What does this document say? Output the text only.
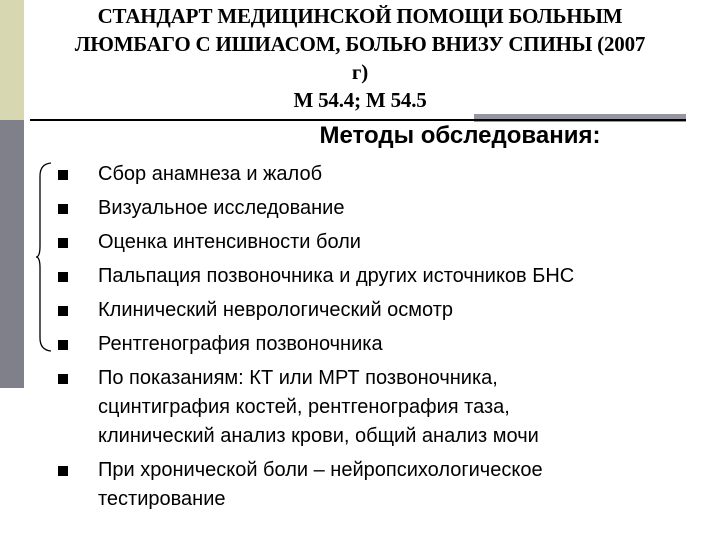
СТАНДАРТ МЕДИЦИНСКОЙ ПОМОЩИ БОЛЬНЫМ
ЛЮМБАГО С ИШИАСОМ, БОЛЬЮ ВНИЗУ СПИНЫ (2007
г)
М 54.4; М 54.5
Методы обследования:
Сбор анамнеза и жалоб
Визуальное исследование
Оценка интенсивности боли
Пальпация позвоночника и других источников БНС
Клинический неврологический осмотр
Рентгенография позвоночника
По показаниям: КТ или МРТ позвоночника,
сцинтиграфия костей, рентгенография таза,
клинический анализ крови, общий анализ мочи
При хронической боли – нейропсихологическое
тестирование
